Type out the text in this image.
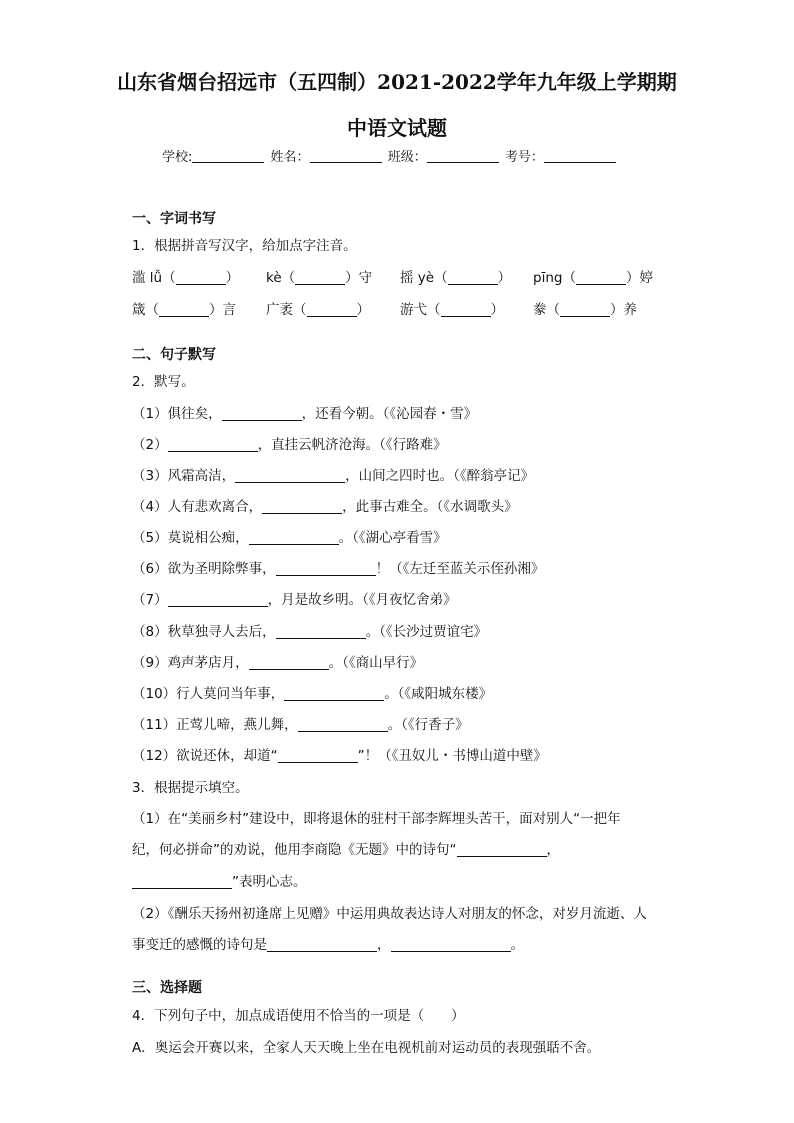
山东省烟台招远市（五四制）2021-2022学年九年级上学期期
中语文试题
学校:	姓名：	班级：	考号：
一、字词书写
1．根据拼音写汉字，给加点字注音。
滥 lǚ（	） kè（	）守 摇 yè（	） pīng（	）婷
箴（	）言 广袤（	） 游弋（	） 豢（	）养
二、句子默写
2．默写。
（1）俱往矣，	，还看今朝。（《沁园春・雪》
（2）	，直挂云帆济沧海。（《行路难》
（3）风霜高洁，	，山间之四时也。（《醉翁亭记》
（4）人有悲欢离合，	，此事古难全。（《水调歌头》
（5）莫说相公痴，	。（《湖心亭看雪》
（6）欲为圣明除弊事，	！（《左迁至蓝关示侄孙湘》
（7）	，月是故乡明。（《月夜忆舍弟》
（8）秋草独寻人去后，	。（《长沙过贾谊宅》
（9）鸡声茅店月，	。（《商山早行》
（10）行人莫问当年事，	。（《咸阳城东楼》
（11）正莺儿啼，燕儿舞，	。（《行香子》
（12）欲说还休，却道“	”！（《丑奴儿・书博山道中壁》
3．根据提示填空。
（1）在“美丽乡村”建设中，即将退休的驻村干部李辉埋头苦干，面对别人“一把年
纪，何必拼命”的劝说，他用李商隐《无题》中的诗句“	，
”表明心志。
（2）《酬乐天扬州初逢席上见赠》中运用典故表达诗人对朋友的怀念，对岁月流逝、人
事变迁的感慨的诗句是	，	。
三、选择题
4．下列句子中，加点成语使用不恰当的一项是（　　）
A．奥运会开赛以来，全家人天天晚上坐在电视机前对运动员的表现强聒不舍。
